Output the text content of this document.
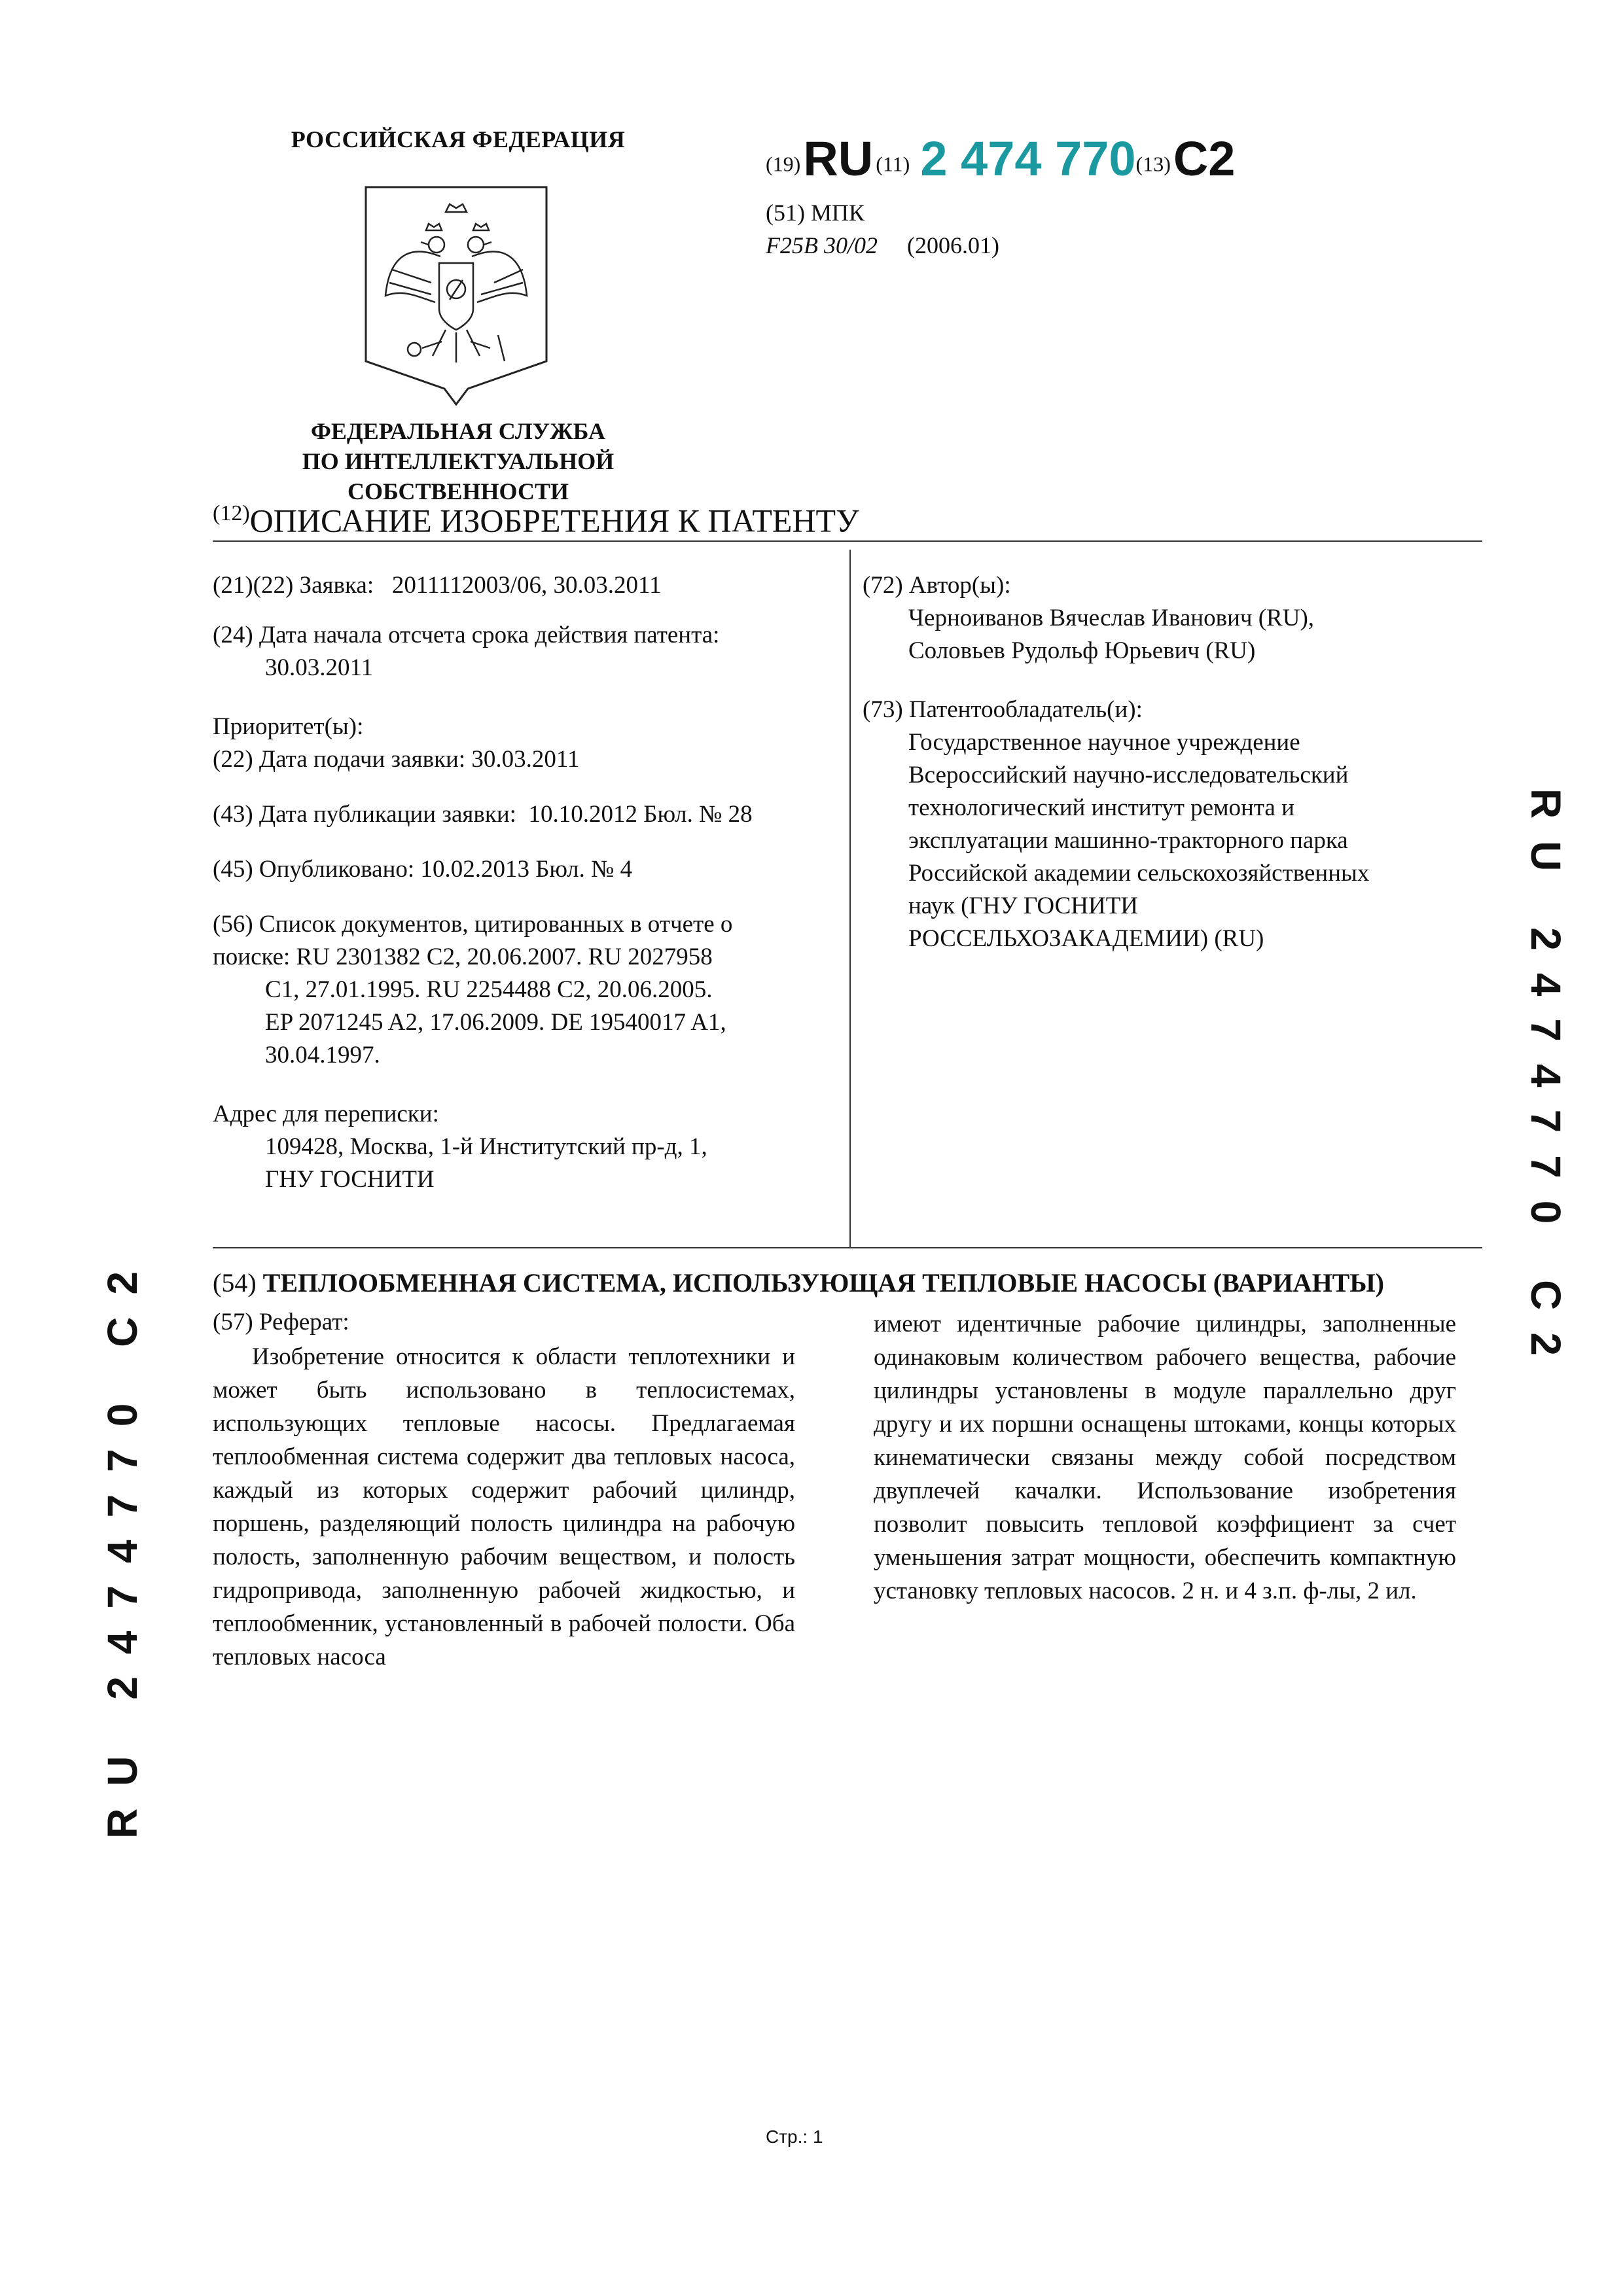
РОССИЙСКАЯ ФЕДЕРАЦИЯ
ФЕДЕРАЛЬНАЯ СЛУЖБА
ПО ИНТЕЛЛЕКТУАЛЬНОЙ СОБСТВЕННОСТИ
(19) RU (11) 2 474 770(13) C2
(51) МПК
F25B 30/02 (2006.01)
$^{(12)}$ОПИСАНИЕ ИЗОБРЕТЕНИЯ К ПАТЕНТУ
(21)(22) Заявка: 2011112003/06, 30.03.2011
(24) Дата начала отсчета срока действия патента:
30.03.2011
Приоритет(ы):
(22) Дата подачи заявки: 30.03.2011
(43) Дата публикации заявки: 10.10.2012 Бюл. № 28
(45) Опубликовано: 10.02.2013 Бюл. № 4
(56) Список документов, цитированных в отчете о
поиске: RU 2301382 C2, 20.06.2007. RU 2027958
C1, 27.01.1995. RU 2254488 C2, 20.06.2005.
EP 2071245 A2, 17.06.2009. DE 19540017 A1,
30.04.1997.
Адрес для переписки:
109428, Москва, 1-й Институтский пр-д, 1,
ГНУ ГОСНИТИ
(72) Автор(ы):
Черноиванов Вячеслав Иванович (RU),
Соловьев Рудольф Юрьевич (RU)
(73) Патентообладатель(и):
Государственное научное учреждение
Всероссийский научно-исследовательский
технологический институт ремонта и
эксплуатации машинно-тракторного парка
Российской академии сельскохозяйственных
наук (ГНУ ГОСНИТИ
РОССЕЛЬХОЗАКАДЕМИИ) (RU)
(54) ТЕПЛООБМЕННАЯ СИСТЕМА, ИСПОЛЬЗУЮЩАЯ ТЕПЛОВЫЕ НАСОСЫ (ВАРИАНТЫ)
(57) Реферат:
Изобретение относится к области теплотехники и может быть использовано в теплосистемах, использующих тепловые насосы. Предлагаемая теплообменная система содержит два тепловых насоса, каждый из которых содержит рабочий цилиндр, поршень, разделяющий полость цилиндра на рабочую полость, заполненную рабочим веществом, и полость гидропривода, заполненную рабочей жидкостью, и теплообменник, установленный в рабочей полости. Оба тепловых насоса
имеют идентичные рабочие цилиндры, заполненные одинаковым количеством рабочего вещества, рабочие цилиндры установлены в модуле параллельно друг другу и их поршни оснащены штоками, концы которых кинематически связаны между собой посредством двуплечей качалки. Использование изобретения позволит повысить тепловой коэффициент за счет уменьшения затрат мощности, обеспечить компактную установку тепловых насосов. 2 н. и 4 з.п. ф-лы, 2 ил.
RU 2474770 C2
RU 2474770 C2
Стр.: 1
